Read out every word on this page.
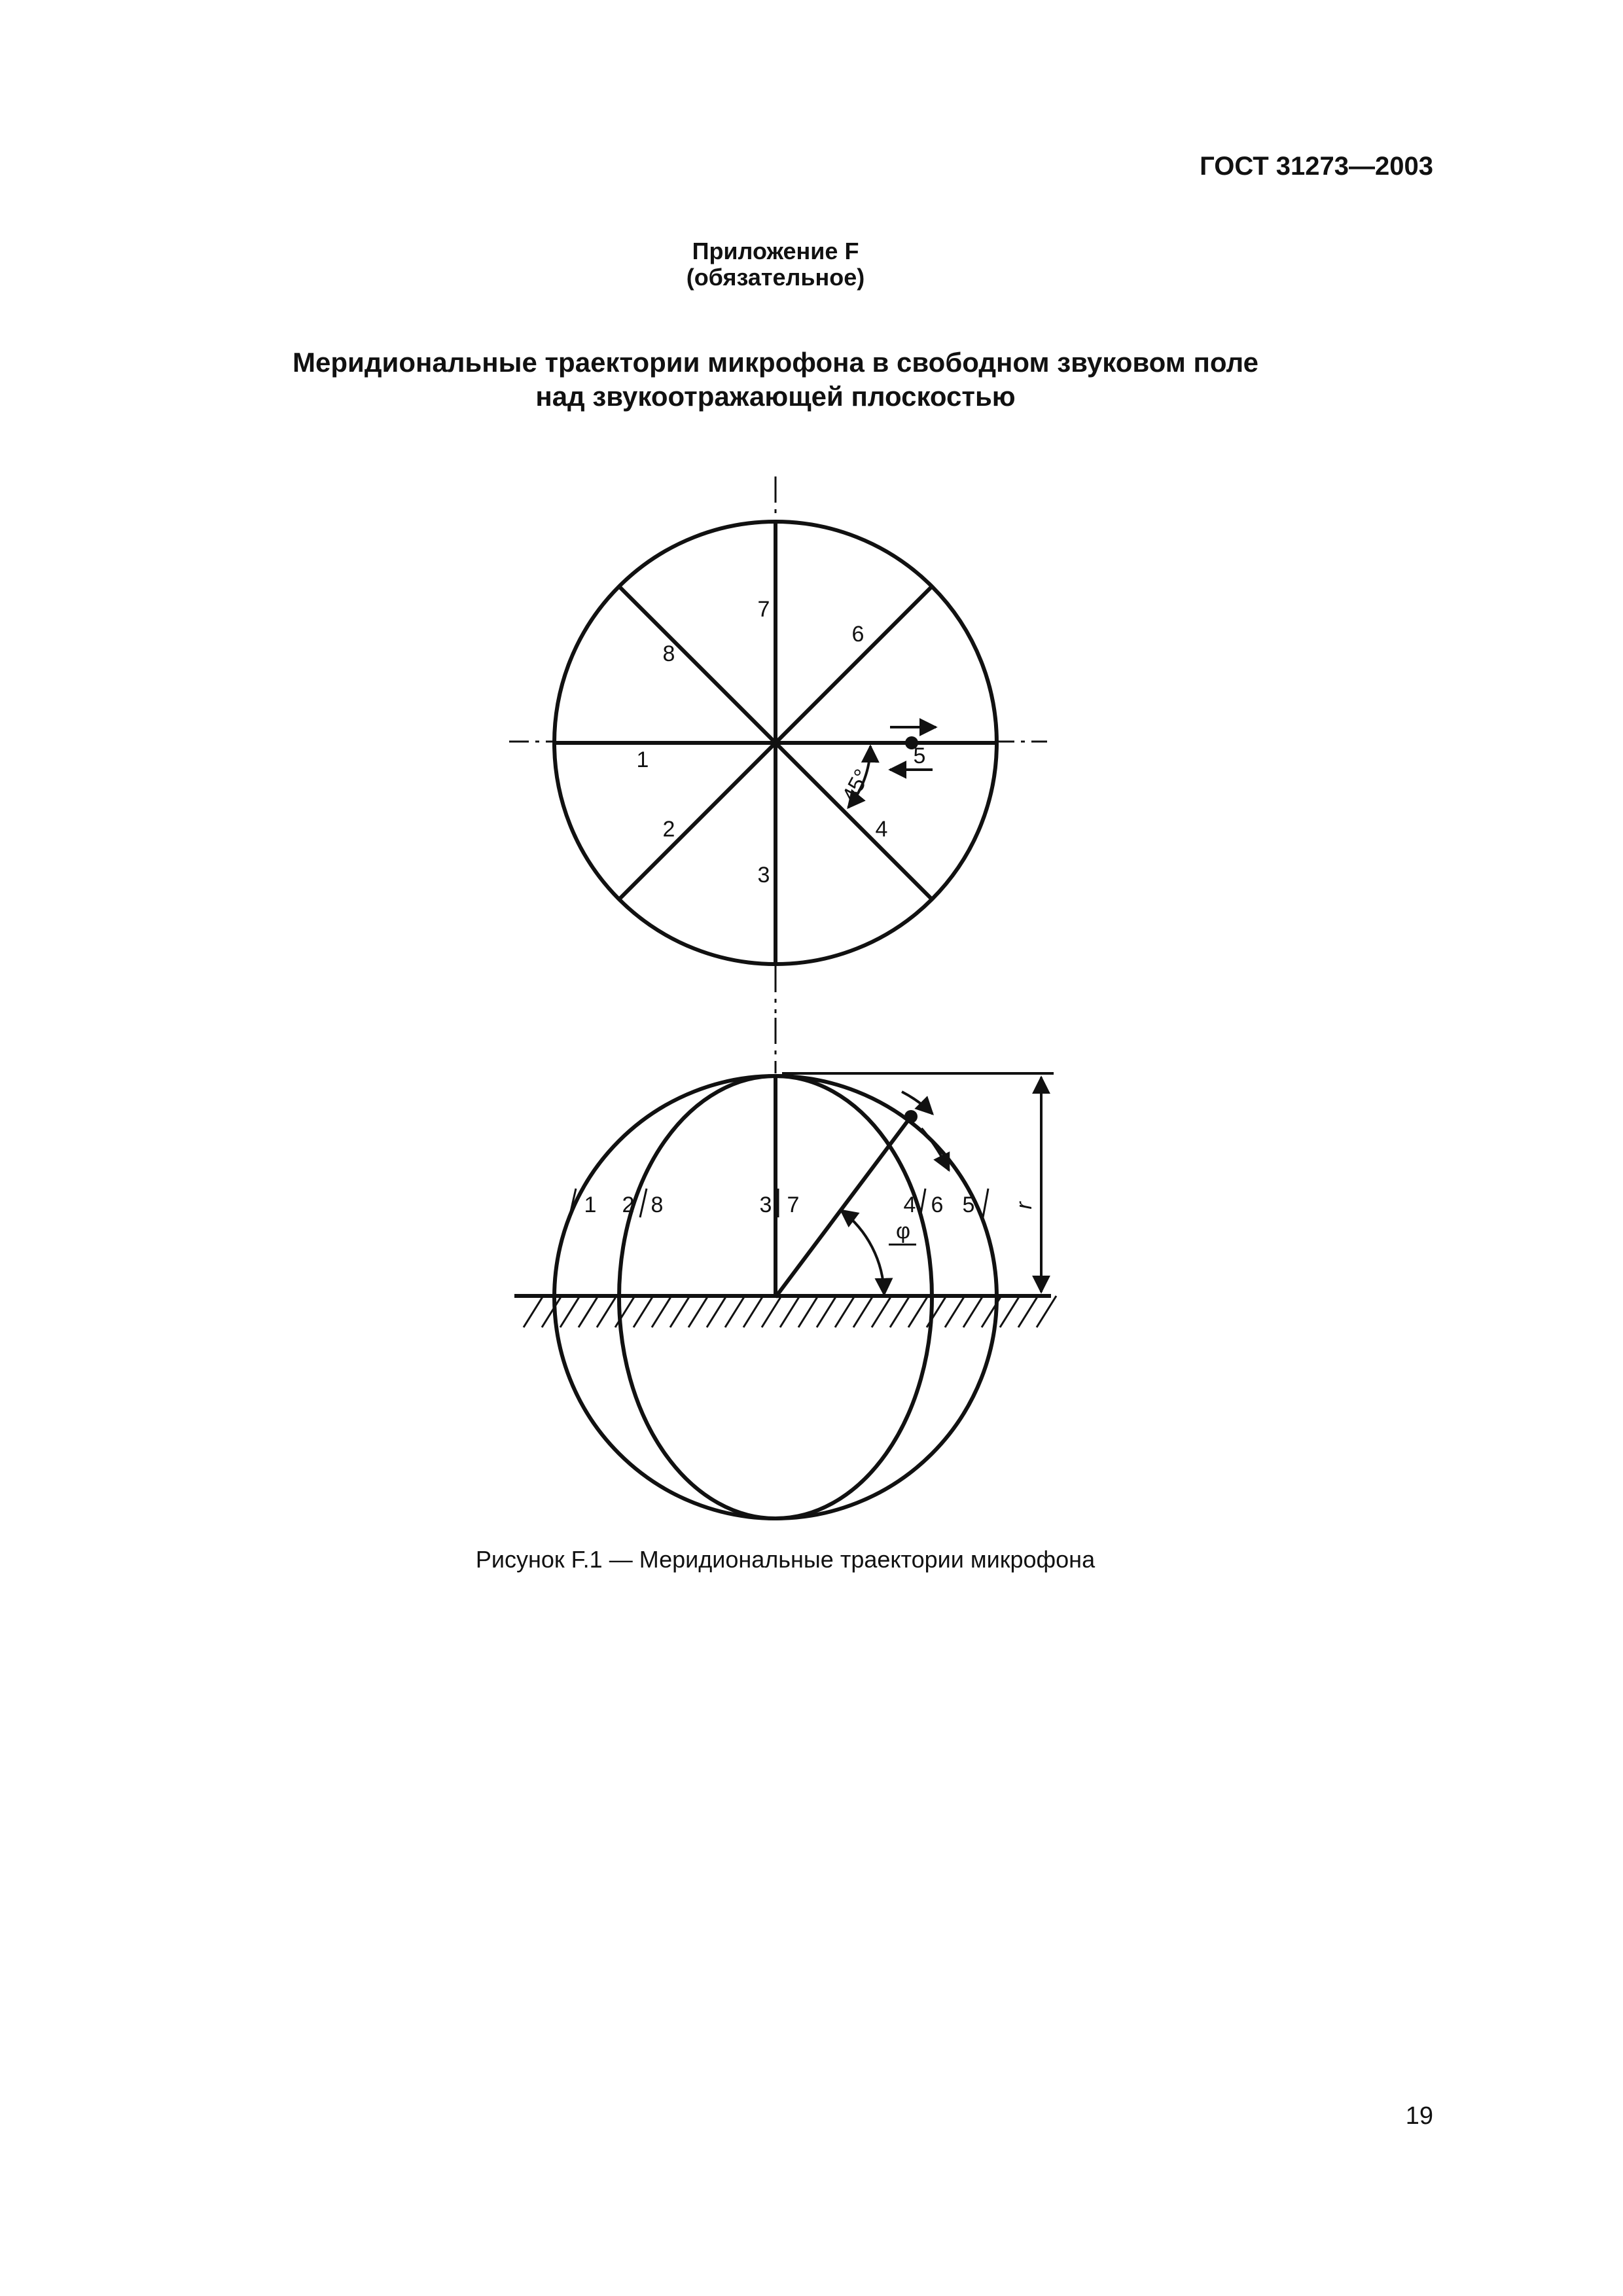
ГОСТ 31273—2003
Приложение F
(обязательное)
Меридиональные траектории микрофона в свободном звуковом поле
над звукоотражающей плоскостью
1
2
3
4
5
6
7
8
45°
1 2 8	3 7	4 6 5
φ
r
Рисунок F.1 — Меридиональные траектории микрофона
19
